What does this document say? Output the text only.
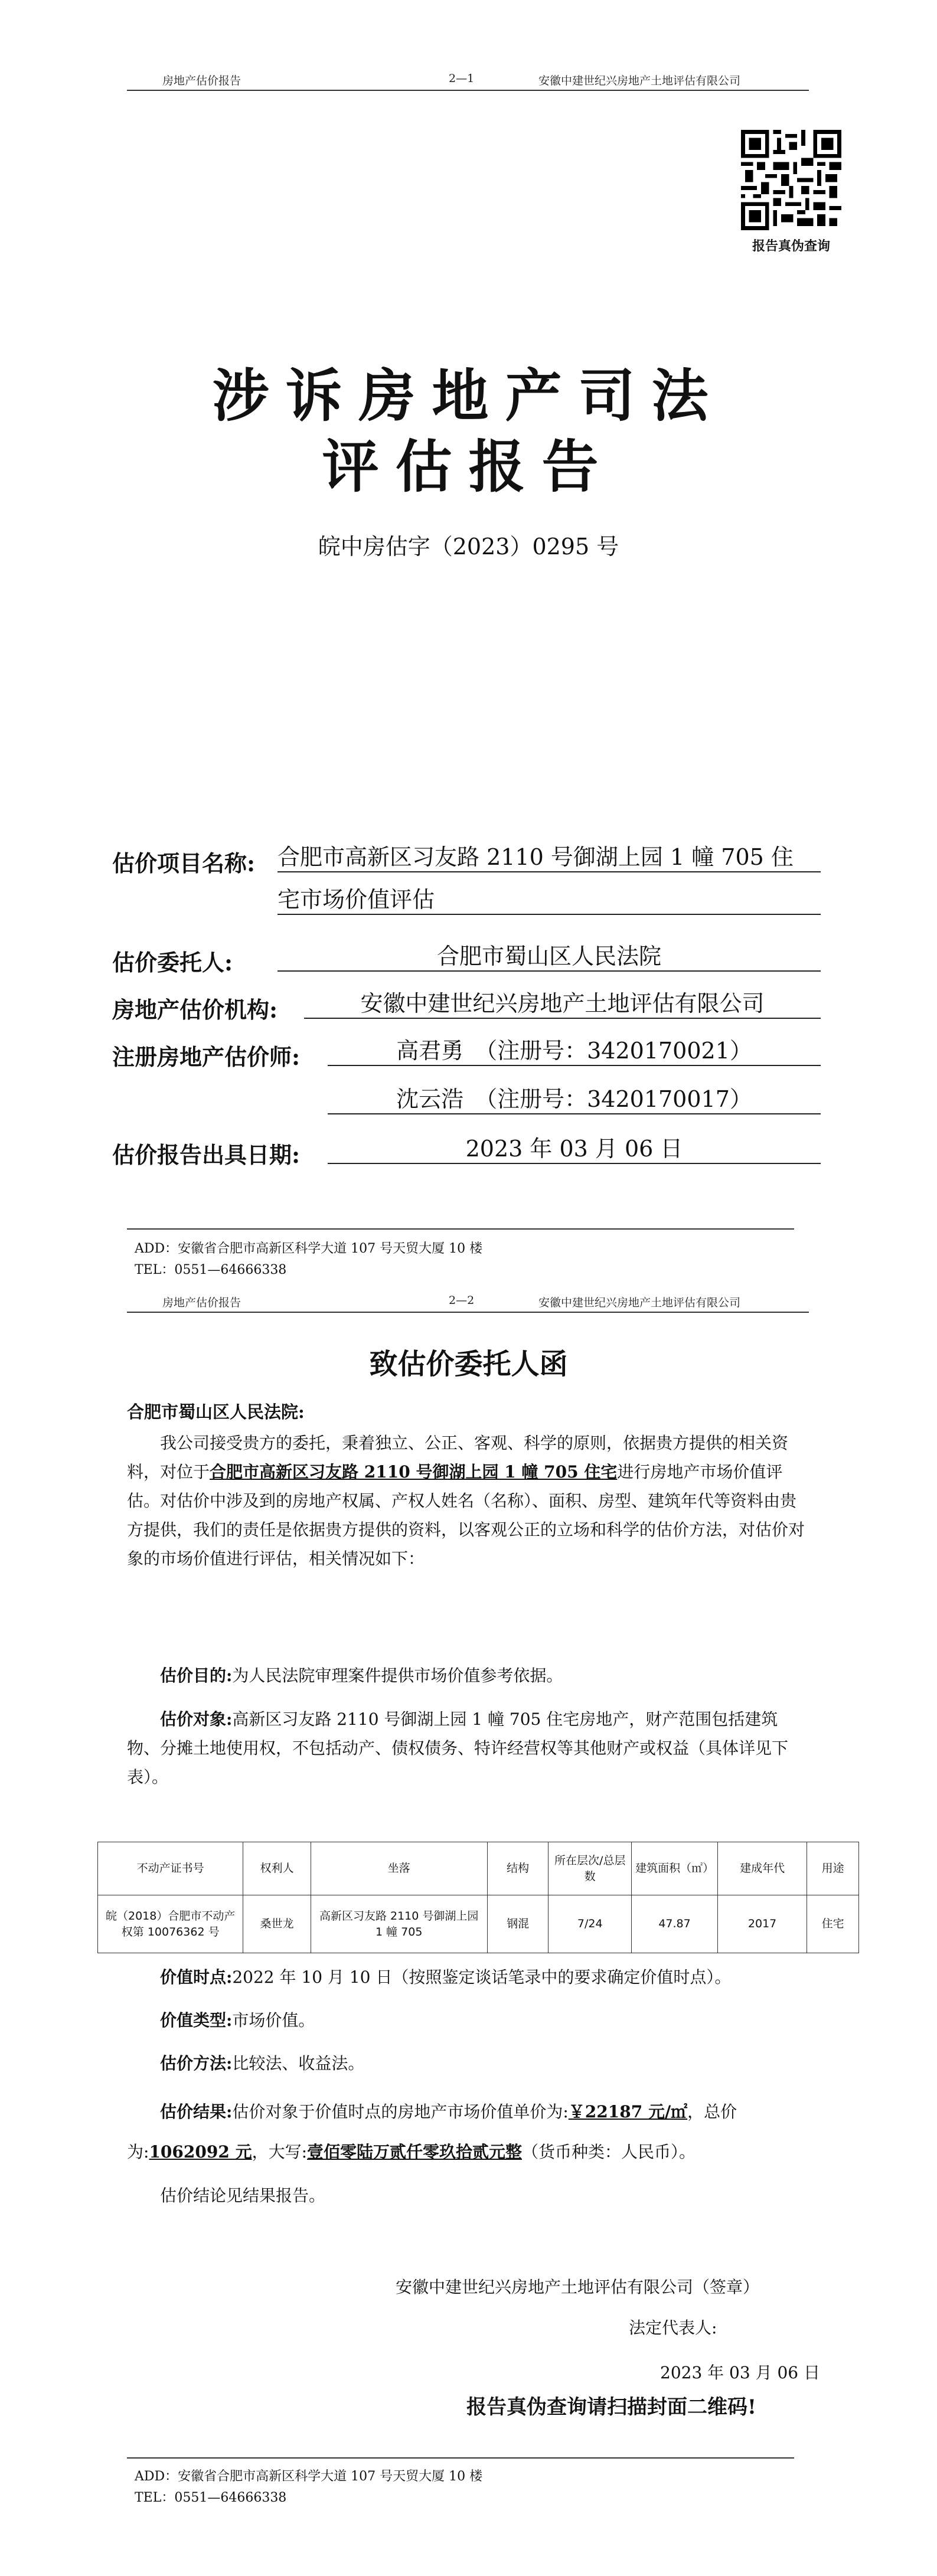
房地产估价报告	2—1	安徽中建世纪兴房地产土地评估有限公司
报告真伪查询
涉诉房地产司法
评估报告
皖中房估字（2023）0295 号
估价项目名称: 合肥市高新区习友路 2110 号御湖上园 1 幢 705 住
宅市场价值评估
估价委托人:	合肥市蜀山区人民法院
房地产估价机构:	安徽中建世纪兴房地产土地评估有限公司
注册房地产估价师:	高君勇　（注册号：3420170021）
沈云浩　（注册号：3420170017）
估价报告出具日期:	2023 年 03 月 06 日
ADD：安徽省合肥市高新区科学大道 107 号天贸大厦 10 楼
TEL：0551—64666338
房地产估价报告	2—2	安徽中建世纪兴房地产土地评估有限公司
致估价委托人函
合肥市蜀山区人民法院:
我公司接受贵方的委托，秉着独立、公正、客观、科学的原则，依据贵方提供的相关资料，对位于合肥市高新区习友路 2110 号御湖上园 1 幢 705 住宅进行房地产市场价值评估。对估价中涉及到的房地产权属、产权人姓名（名称）、面积、房型、建筑年代等资料由贵方提供，我们的责任是依据贵方提供的资料，以客观公正的立场和科学的估价方法，对估价对象的市场价值进行评估，相关情况如下：
估价目的:为人民法院审理案件提供市场价值参考依据。
估价对象:高新区习友路 2110 号御湖上园 1 幢 705 住宅房地产，财产范围包括建筑物、分摊土地使用权，不包括动产、债权债务、特许经营权等其他财产或权益（具体详见下表）。
不动产证书号	权利人	坐落	结构	所在层次/总层数	建筑面积（㎡）	建成年代	用途
皖（2018）合肥市不动产权第 10076362 号	桑世龙	高新区习友路 2110 号御湖上园 1 幢 705	钢混	7/24	47.87	2017	住宅
价值时点:2022 年 10 月 10 日（按照鉴定谈话笔录中的要求确定价值时点）。
价值类型:市场价值。
估价方法:比较法、收益法。
估价结果:估价对象于价值时点的房地产市场价值单价为:￥22187 元/㎡，总价为:1062092 元，大写:壹佰零陆万贰仟零玖拾贰元整（货币种类：人民币）。
估价结论见结果报告。
安徽中建世纪兴房地产土地评估有限公司（签章）
法定代表人:
2023 年 03 月 06 日
报告真伪查询请扫描封面二维码!
ADD：安徽省合肥市高新区科学大道 107 号天贸大厦 10 楼
TEL：0551—64666338
